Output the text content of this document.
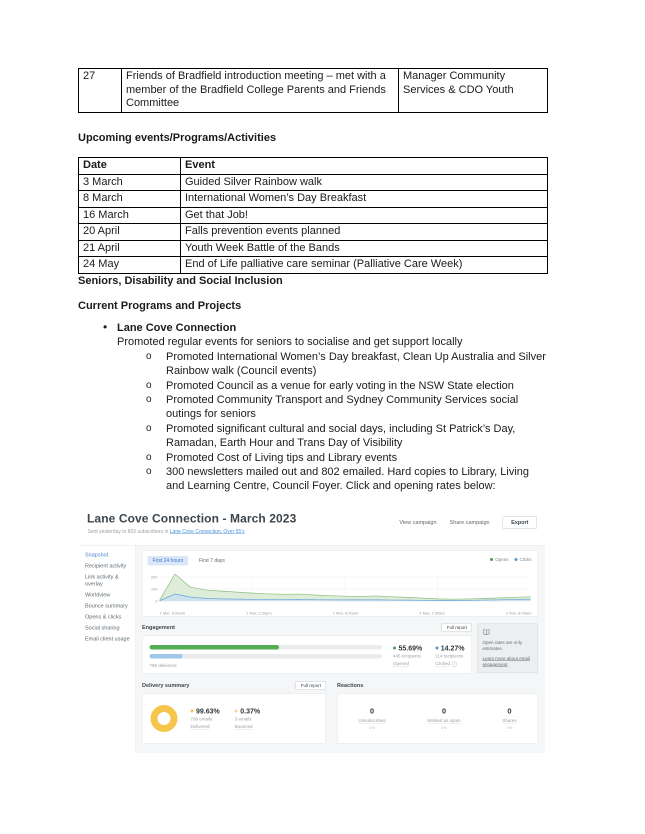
27	Friends of Bradfield introduction meeting – met with a member of the Bradfield College Parents and Friends Committee	Manager Community Services & CDO Youth
Upcoming events/Programs/Activities
Date	Event
3 March	Guided Silver Rainbow walk
8 March	International Women’s Day Breakfast
16 March	Get that Job!
20 April	Falls prevention events planned
21 April	Youth Week Battle of the Bands
24 May	End of Life palliative care seminar (Palliative Care Week)
Seniors, Disability and Social Inclusion
Current Programs and Projects
• Lane Cove Connection
Promoted regular events for seniors to socialise and get support locally
o Promoted International Women’s Day breakfast, Clean Up Australia and Silver Rainbow walk (Council events)
o Promoted Council as a venue for early voting in the NSW State election
o Promoted Community Transport and Sydney Community Services social outings for seniors
o Promoted significant cultural and social days, including St Patrick’s Day, Ramadan, Earth Hour and Trans Day of Visibility
o Promoted Cost of Living tips and Library events
o 300 newsletters mailed out and 802 emailed. Hard copies to Library, Living and Learning Centre, Council Foyer. Click and opening rates below:
Lane Cove Connection - March 2023
Sent yesterday to 802 subscribers in Lane Cove Connection, Over 55's
View campaign Share campaign	Export
Snapshot
Recipient activity
Link activity & overlay
Worldview
Bounce summary
Opens & clicks
Social sharing
Email client usage
First 24 hours	First 7 days	Opens Clicks
200
100
0
1 Mar, 5:00am	1 Mar, 2:30pm	1 Mar, 8:00pm	2 Mar, 2:30am	2 Mar, 8:00am
Engagement	Full report
799 delivered
55.69%
445 recipients
Opened
14.27%
114 recipients
Clicked i
Open rates are only estimates.
Learn more about email engagement
Delivery summary	Full report
99.63%
799 emails
Delivered
0.37%
3 emails
Bounced
Reactions
0
Unsubscribes
0%
0
Marked as spam
0%
0
Shares
0%
